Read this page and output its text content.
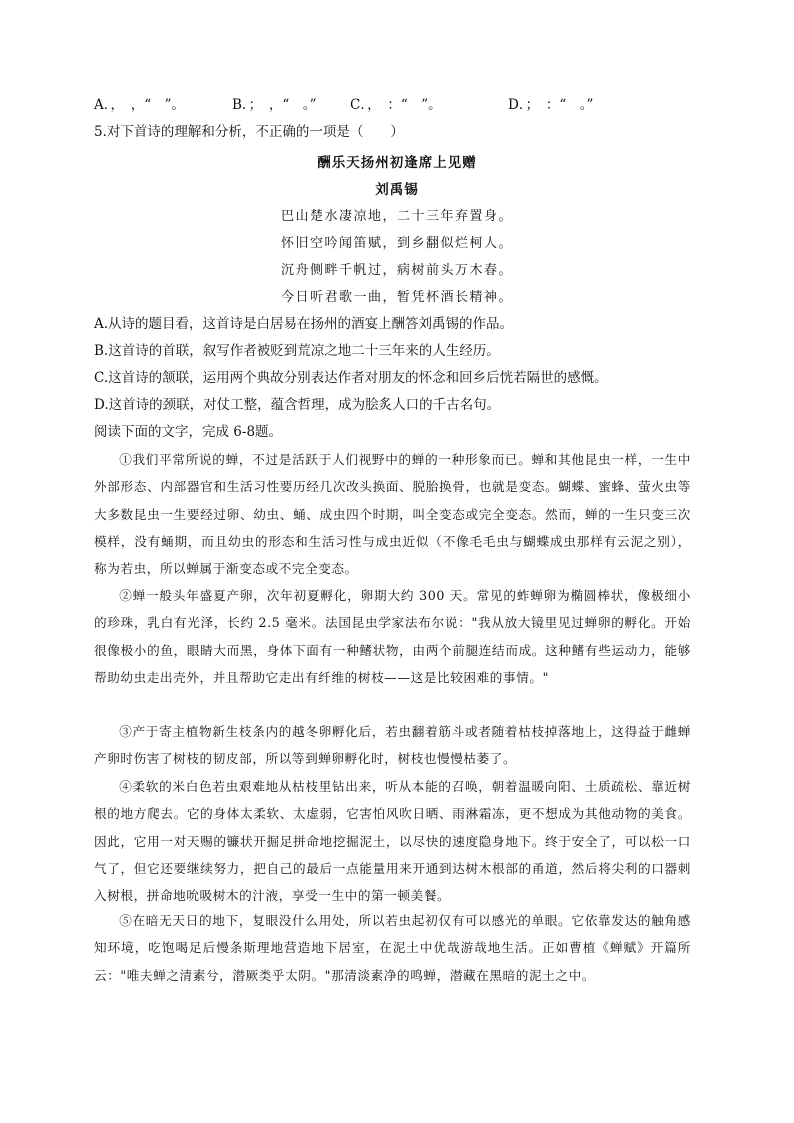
A．，　，“　”。	B．；　，“　。” C．，　：“　”。	D．；　：“　。”
5.对下首诗的理解和分析，不正确的一项是（　　）
酬乐天扬州初逢席上见赠
刘禹锡
巴山楚水凄凉地，二十三年弃置身。
怀旧空吟闻笛赋，到乡翻似烂柯人。
沉舟侧畔千帆过，病树前头万木春。
今日听君歌一曲，暂凭杯酒长精神。
A.从诗的题目看，这首诗是白居易在扬州的酒宴上酬答刘禹锡的作品。
B.这首诗的首联，叙写作者被贬到荒凉之地二十三年来的人生经历。
C.这首诗的颔联，运用两个典故分别表达作者对朋友的怀念和回乡后恍若隔世的感慨。
D.这首诗的颈联，对仗工整，蕴含哲理，成为脍炙人口的千古名句。
阅读下面的文字，完成 6-8题。
①我们平常所说的蝉，不过是活跃于人们视野中的蝉的一种形象而已。蝉和其他昆虫一样，一生中外部形态、内部器官和生活习性要历经几次改头换面、脱胎换骨，也就是变态。蝴蝶、蜜蜂、萤火虫等大多数昆虫一生要经过卵、幼虫、蛹、成虫四个时期，叫全变态或完全变态。然而，蝉的一生只变三次模样，没有蛹期，而且幼虫的形态和生活习性与成虫近似（不像毛毛虫与蝴蝶成虫那样有云泥之别），称为若虫，所以蝉属于渐变态或不完全变态。
②蝉一般头年盛夏产卵，次年初夏孵化，卵期大约 300 天。常见的蚱蝉卵为椭圆棒状，像极细小的珍珠，乳白有光泽，长约 2.5 毫米。法国昆虫学家法布尔说："我从放大镜里见过蝉卵的孵化。开始很像极小的鱼，眼睛大而黑，身体下面有一种鳍状物，由两个前腿连结而成。这种鳍有些运动力，能够帮助幼虫走出壳外，并且帮助它走出有纤维的树枝——这是比较困难的事情。"
③产于寄主植物新生枝条内的越冬卵孵化后，若虫翻着筋斗或者随着枯枝掉落地上，这得益于雌蝉产卵时伤害了树枝的韧皮部，所以等到蝉卵孵化时，树枝也慢慢枯萎了。
④柔软的米白色若虫艰难地从枯枝里钻出来，听从本能的召唤，朝着温暖向阳、土质疏松、靠近树根的地方爬去。它的身体太柔软、太虚弱，它害怕风吹日晒、雨淋霜冻，更不想成为其他动物的美食。因此，它用一对天赐的镰状开掘足拼命地挖掘泥土，以尽快的速度隐身地下。终于安全了，可以松一口气了，但它还要继续努力，把自己的最后一点能量用来开通到达树木根部的甬道，然后将尖利的口器刺入树根，拼命地吮吸树木的汁液，享受一生中的第一顿美餐。
⑤在暗无天日的地下，复眼没什么用处，所以若虫起初仅有可以感光的单眼。它依靠发达的触角感知环境，吃饱喝足后慢条斯理地营造地下居室，在泥土中优哉游哉地生活。正如曹植《蝉赋》开篇所云："唯夫蝉之清素兮，潜厥类乎太阴。"那清淡素净的鸣蝉，潜藏在黑暗的泥土之中。
